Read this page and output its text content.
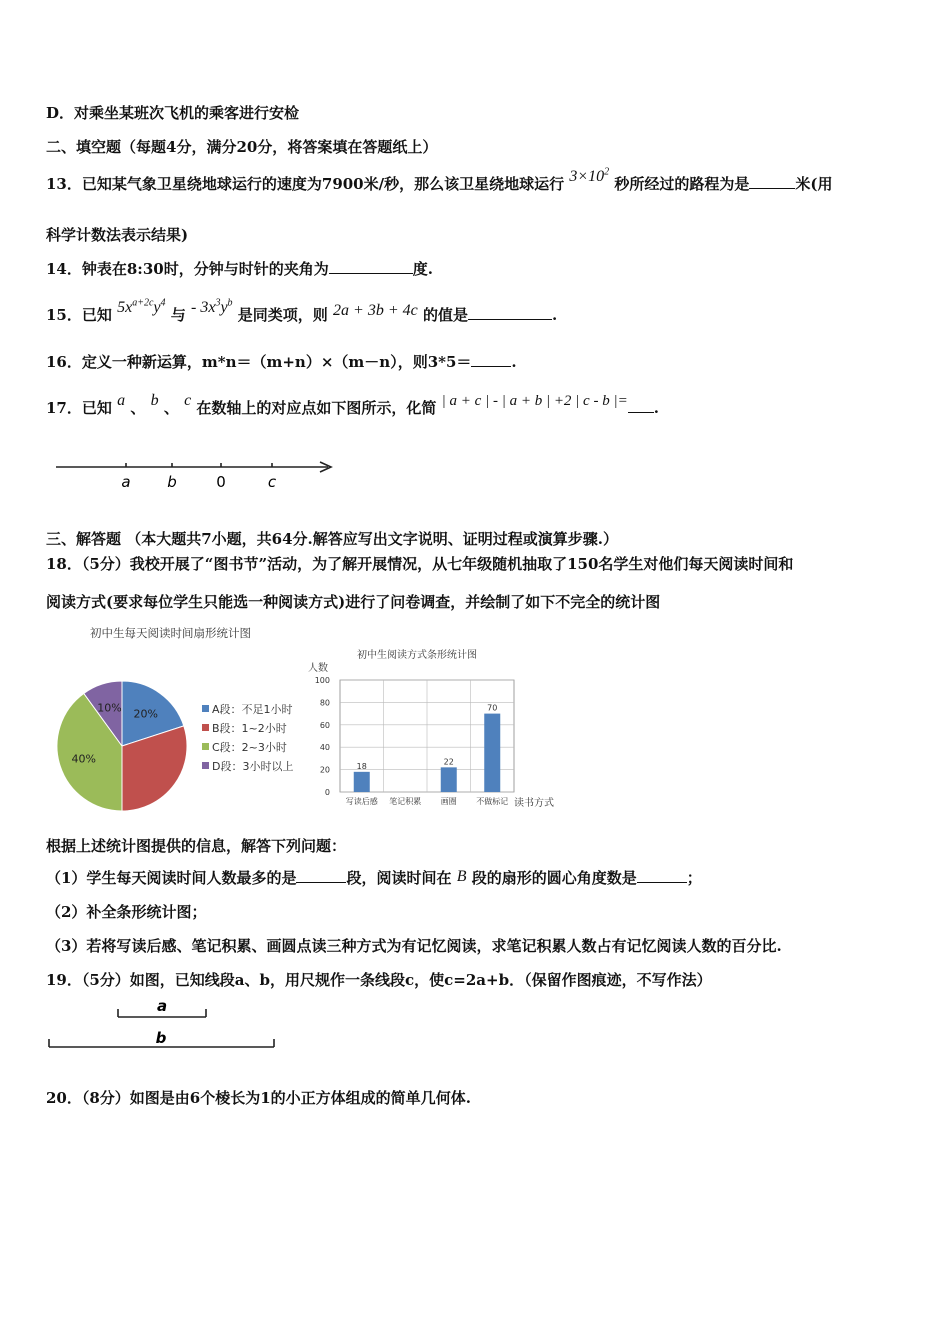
D．对乘坐某班次飞机的乘客进行安检
二、填空题（每题4分，满分20分，将答案填在答题纸上）
13．已知某气象卫星绕地球运行的速度为7900米/秒，那么该卫星绕地球运行 $3\times 10^2$ 秒所经过的路程为是	米(用
科学计数法表示结果)
14．钟表在8:30时，分钟与时针的夹角为	度.
15．已知 $5x^{a+2c}y^4$ 与 - $3x^3y^b$ 是同类项，则 2a + 3b + 4c 的值是	.
16．定义一种新运算，m*n＝（m+n）×（m－n），则3*5＝	.
17．已知 a 、 b 、 c 在数轴上的对应点如下图所示，化简 | a + c | - | a + b | +2 | c - b |= .
a b	0	c
三、解答题 （本大题共7小题，共64分.解答应写出文字说明、证明过程或演算步骤.）
18．（5分）我校开展了“图书节”活动，为了解开展情况，从七年级随机抽取了150名学生对他们每天阅读时间和
阅读方式(要求每位学生只能选一种阅读方式)进行了问卷调查，并绘制了如下不完全的统计图
初中生每天阅读时间扇形统计图
20%
40%
10%	A段：不足1小时
B段：1~2小时
C段：2~3小时
D段：3小时以上
初中生阅读方式条形统计图
人数
读书方式
0
20
40
60
80
100
写读后感 笔记积累 画圈 不做标记
18	22
70
根据上述统计图提供的信息，解答下列问题：
（1）学生每天阅读时间人数最多的是	段，阅读时间在 B 段的扇形的圆心角度数是	；
（2）补全条形统计图；
（3）若将写读后感、笔记积累、画圆点读三种方式为有记忆阅读，求笔记积累人数占有记忆阅读人数的百分比.
19．（5分）如图，已知线段a、b，用尺规作一条线段c，使c=2a+b．（保留作图痕迹，不写作法）
a
b
20．（8分）如图是由6个棱长为1的小正方体组成的简单几何体.
